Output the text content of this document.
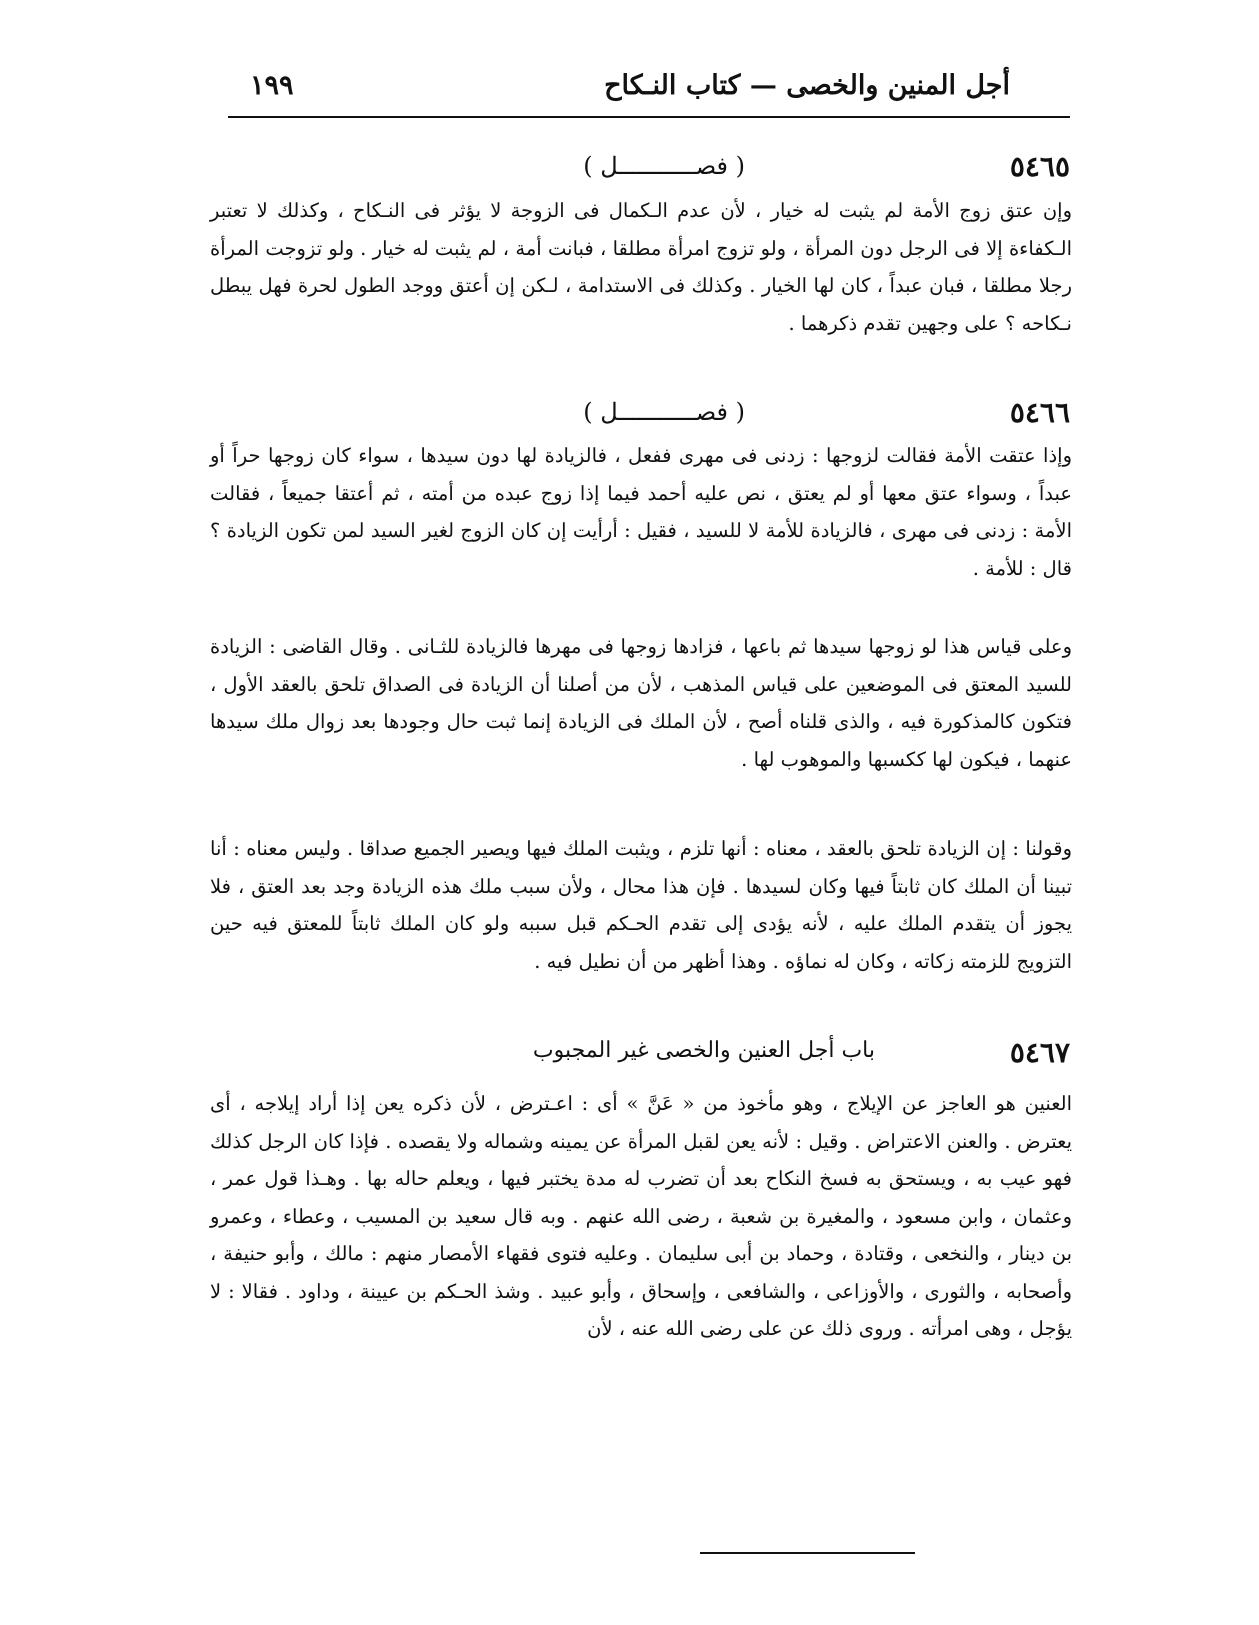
أجل المنين والخصى — كتاب النـكاح
١٩٩
٥٤٦٥
( فصـــــــــــل )

وإن عتق زوج الأمة لم يثبت له خيار ، لأن عدم الـكمال فى الزوجة لا يؤثر فى النـكاح ، وكذلك لا تعتبر الـكفاءة إلا فى الرجل دون المرأة ، ولو تزوج امرأة مطلقا ، فبانت أمة ، لم يثبت له خيار . ولو تزوجت المرأة رجلا مطلقا ، فبان عبداً ، كان لها الخيار . وكذلك فى الاستدامة ، لـكن إن أعتق ووجد الطول لحرة فهل يبطل نـكاحه ؟ على وجهين تقدم ذكرهما .

٥٤٦٦
( فصـــــــــــل )

وإذا عتقت الأمة فقالت لزوجها : زدنى فى مهرى ففعل ، فالزيادة لها دون سيدها ، سواء كان زوجها حراً أو عبداً ، وسواء عتق معها أو لم يعتق ، نص عليه أحمد فيما إذا زوج عبده من أمته ، ثم أعتقا جميعاً ، فقالت الأمة : زدنى فى مهرى ، فالزيادة للأمة لا للسيد ، فقيل : أرأيت إن كان الزوج لغير السيد لمن تكون الزيادة ؟ قال : للأمة .

وعلى قياس هذا لو زوجها سيدها ثم باعها ، فزادها زوجها فى مهرها فالزيادة للثـانى . وقال القاضى : الزيادة للسيد المعتق فى الموضعين على قياس المذهب ، لأن من أصلنا أن الزيادة فى الصداق تلحق بالعقد الأول ، فتكون كالمذكورة فيه ، والذى قلناه أصح ، لأن الملك فى الزيادة إنما ثبت حال وجودها بعد زوال ملك سيدها عنهما ، فيكون لها ككسبها والموهوب لها .

وقولنا : إن الزيادة تلحق بالعقد ، معناه : أنها تلزم ، ويثبت الملك فيها ويصير الجميع صداقا . وليس معناه : أنا تبينا أن الملك كان ثابتاً فيها وكان لسيدها . فإن هذا محال ، ولأن سبب ملك هذه الزيادة وجد بعد العتق ، فلا يجوز أن يتقدم الملك عليه ، لأنه يؤدى إلى تقدم الحـكم قبل سببه ولو كان الملك ثابتاً للمعتق فيه حين التزويج للزمته زكاته ، وكان له نماؤه . وهذا أظهر من أن نطيل فيه .

٥٤٦٧
باب أجل العنين والخصى غير المجبوب

العنين هو العاجز عن الإيلاج ، وهو مأخوذ من « عَنَّ » أى : اعـترض ، لأن ذكره يعن إذا أراد إيلاجه ، أى يعترض . والعنن الاعتراض . وقيل : لأنه يعن لقبل المرأة عن يمينه وشماله ولا يقصده . فإذا كان الرجل كذلك فهو عيب به ، ويستحق به فسخ النكاح بعد أن تضرب له مدة يختبر فيها ، ويعلم حاله بها . وهـذا قول عمر ، وعثمان ، وابن مسعود ، والمغيرة بن شعبة ، رضى الله عنهم . وبه قال سعيد بن المسيب ، وعطاء ، وعمرو بن دينار ، والنخعى ، وقتادة ، وحماد بن أبى سليمان . وعليه فتوى فقهاء الأمصار منهم : مالك ، وأبو حنيفة ، وأصحابه ، والثورى ، والأوزاعى ، والشافعى ، وإسحاق ، وأبو عبيد . وشذ الحـكم بن عيينة ، وداود . فقالا : لا يؤجل ، وهى امرأته . وروى ذلك عن على رضى الله عنه ، لأن
